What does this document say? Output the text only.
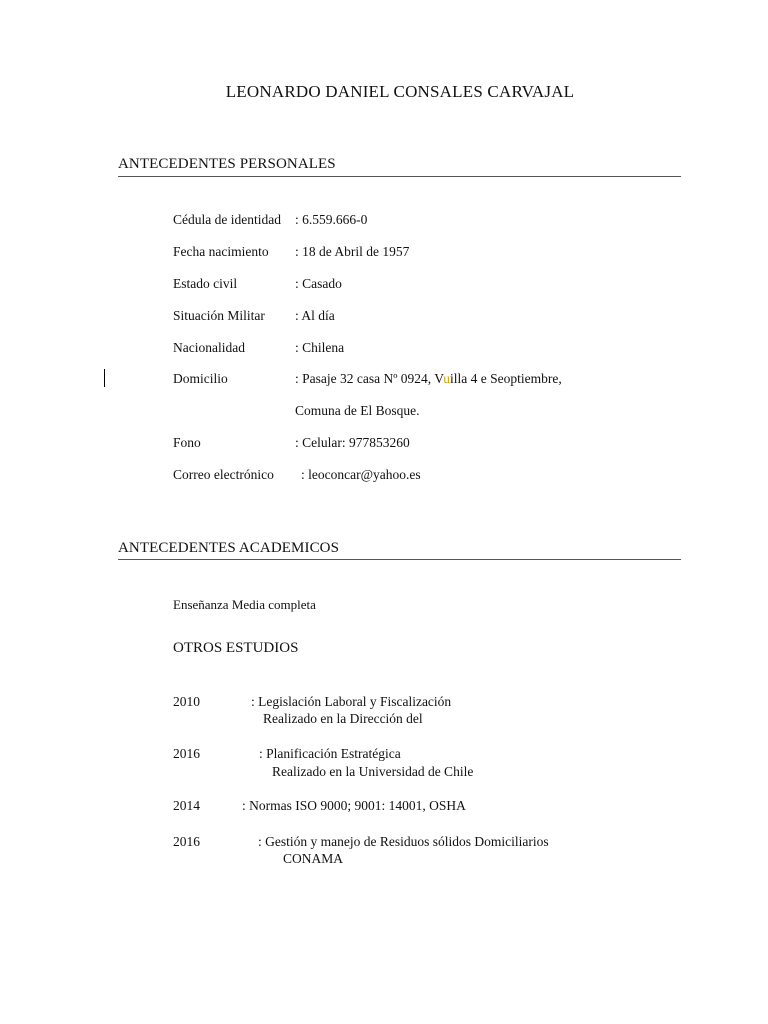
LEONARDO DANIEL CONSALES CARVAJAL
ANTECEDENTES PERSONALES
Cédula de identidad : 6.559.666-0
Fecha nacimiento : 18 de Abril de 1957
Estado civil	: Casado
Situación Militar : Al día
Nacionalidad	: Chilena
Domicilio	: Pasaje 32 casa Nº 0924, Vuilla 4 e Seoptiembre,
Comuna de El Bosque.
Fono	: Celular: 977853260
Correo electrónico : leoconcar@yahoo.es
ANTECEDENTES ACADEMICOS
Enseñanza Media completa
OTROS ESTUDIOS
2010	: Legislación Laboral y Fiscalización
Realizado en la Dirección del
2016	: Planificación Estratégica
Realizado en la Universidad de Chile
2014	: Normas ISO 9000; 9001: 14001, OSHA
2016	: Gestión y manejo de Residuos sólidos Domiciliarios
CONAMA
